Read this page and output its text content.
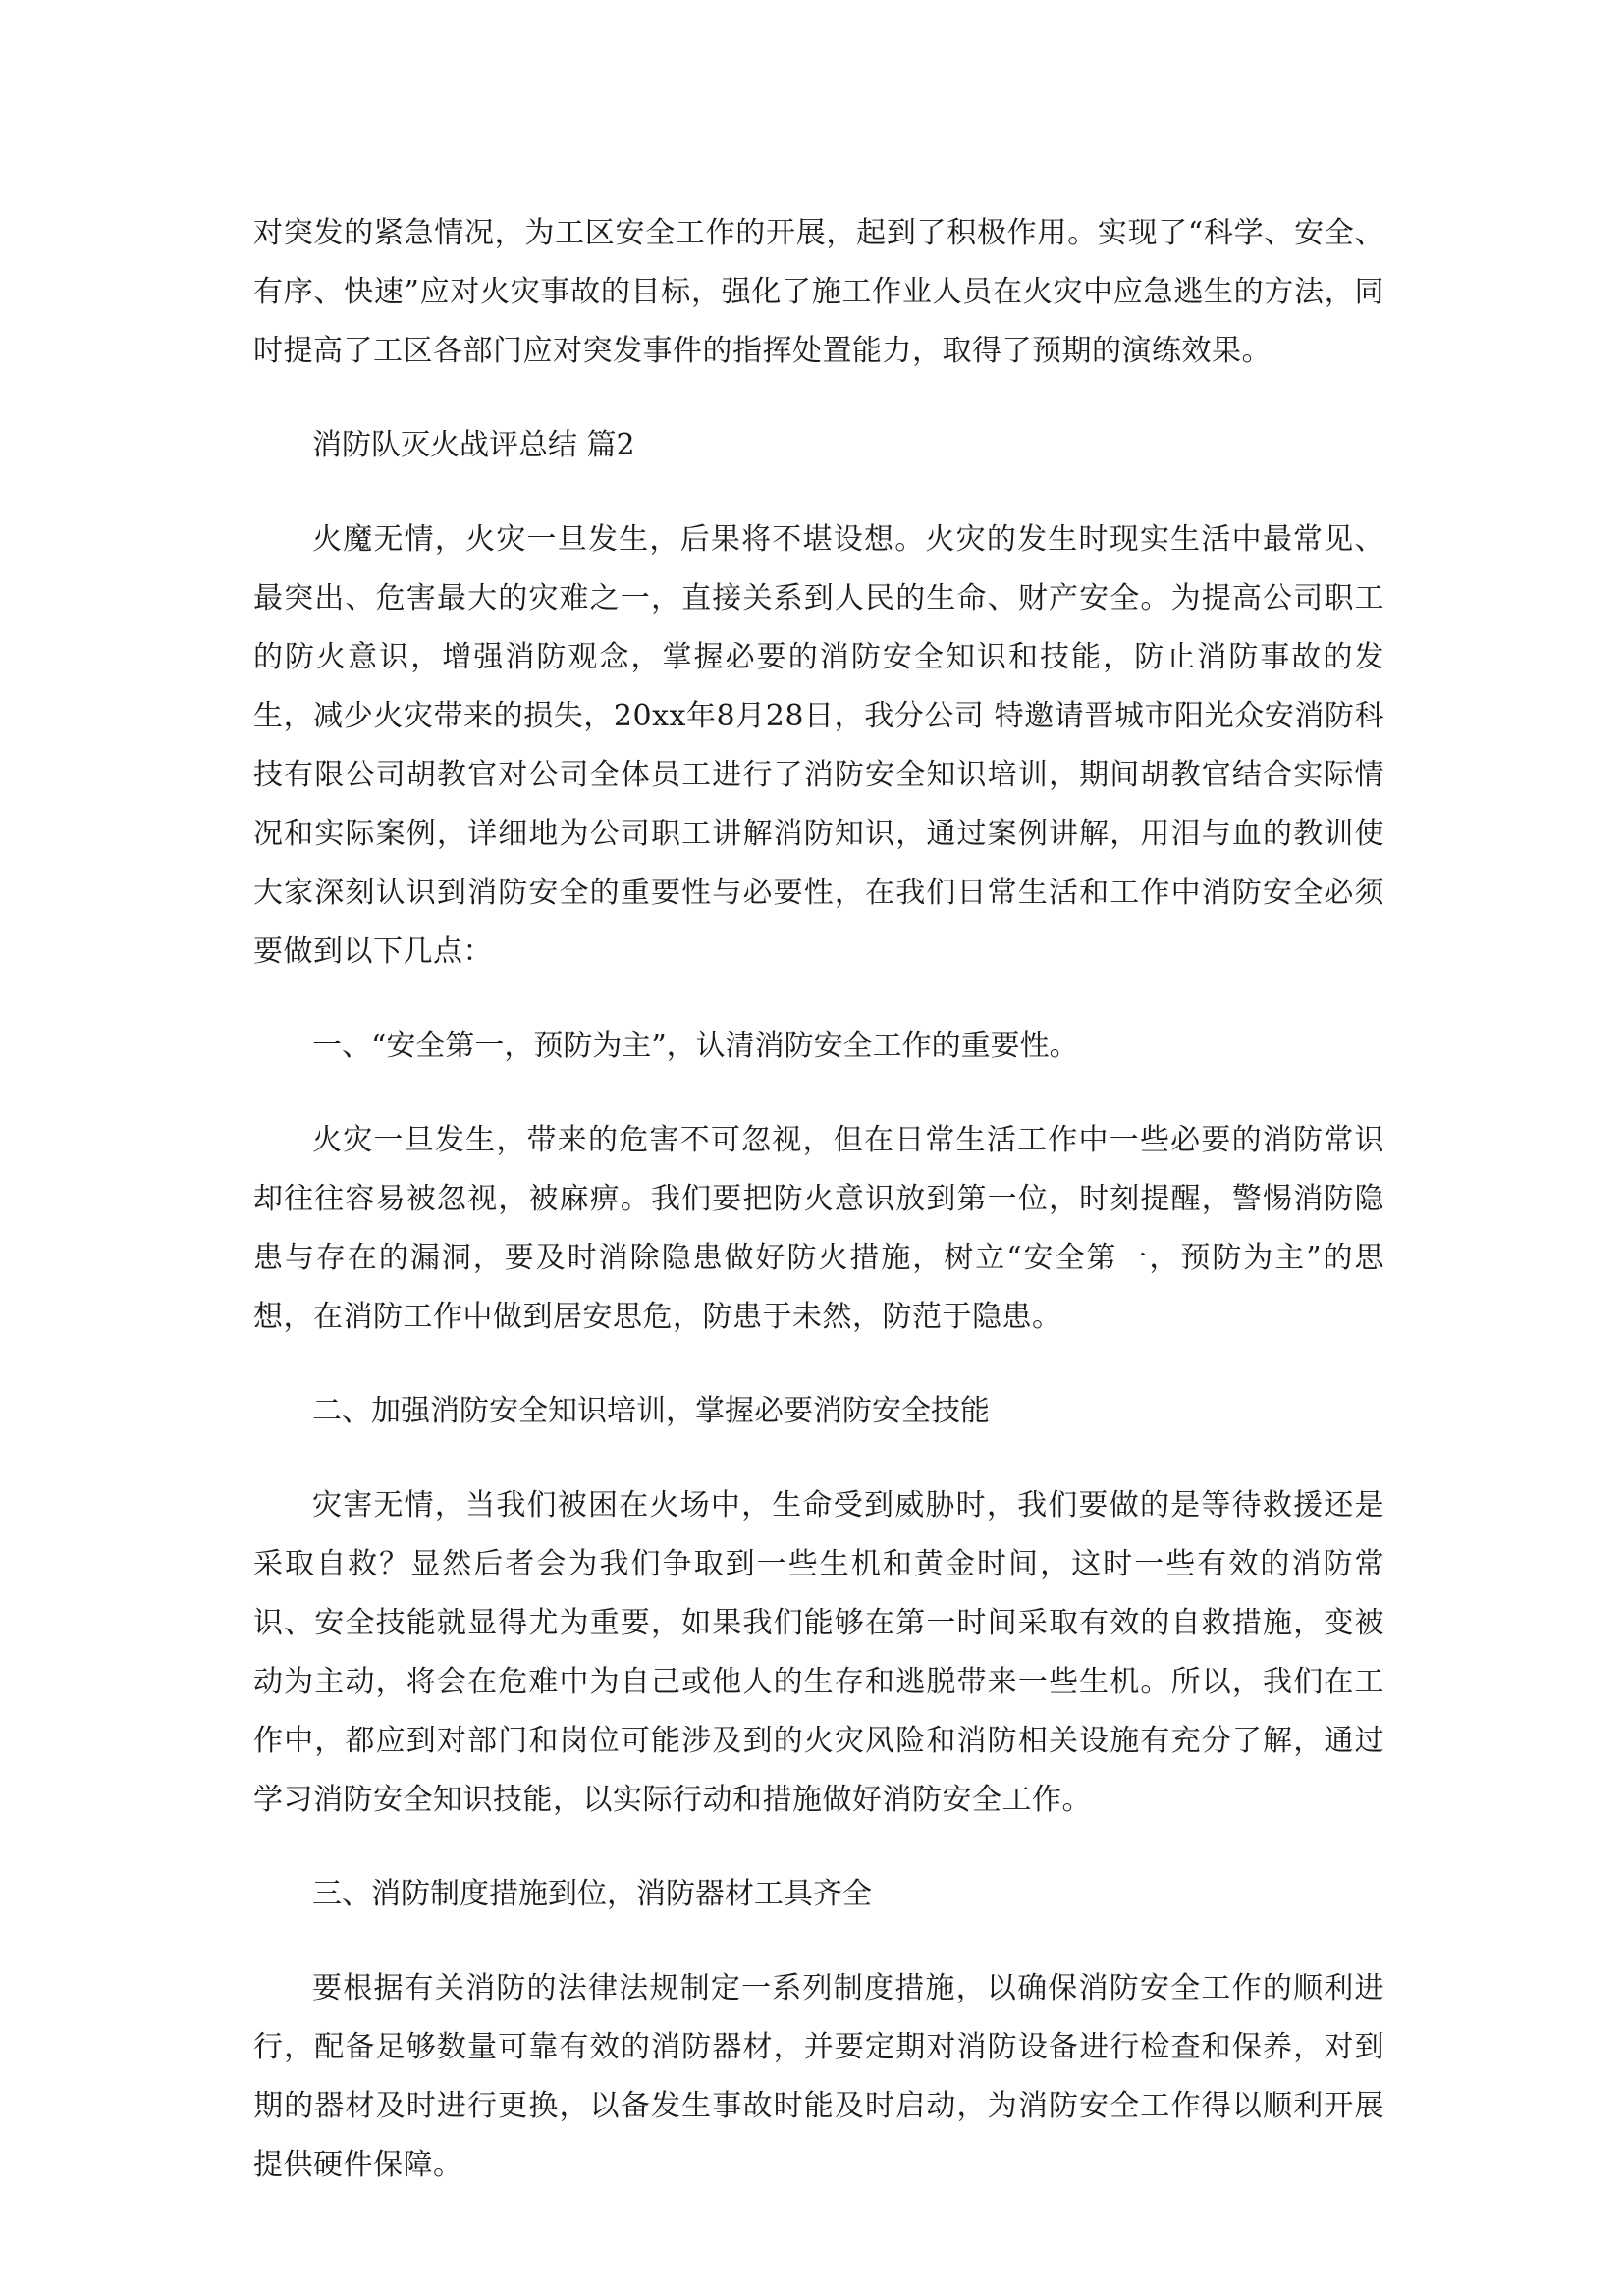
对突发的紧急情况，为工区安全工作的开展，起到了积极作用。实现了“科学、安全、有序、快速”应对火灾事故的目标，强化了施工作业人员在火灾中应急逃生的方法，同时提高了工区各部门应对突发事件的指挥处置能力，取得了预期的演练效果。

消防队灭火战评总结 篇2

火魔无情，火灾一旦发生，后果将不堪设想。火灾的发生时现实生活中最常见、最突出、危害最大的灾难之一，直接关系到人民的生命、财产安全。为提高公司职工的防火意识，增强消防观念，掌握必要的消防安全知识和技能，防止消防事故的发生，减少火灾带来的损失，20xx年8月28日，我分公司 特邀请晋城市阳光众安消防科技有限公司胡教官对公司全体员工进行了消防安全知识培训，期间胡教官结合实际情况和实际案例，详细地为公司职工讲解消防知识，通过案例讲解，用泪与血的教训使大家深刻认识到消防安全的重要性与必要性，在我们日常生活和工作中消防安全必须要做到以下几点：

一、“安全第一，预防为主”，认清消防安全工作的重要性。

火灾一旦发生，带来的危害不可忽视，但在日常生活工作中一些必要的消防常识却往往容易被忽视，被麻痹。我们要把防火意识放到第一位，时刻提醒，警惕消防隐患与存在的漏洞，要及时消除隐患做好防火措施，树立“安全第一，预防为主”的思想，在消防工作中做到居安思危，防患于未然，防范于隐患。

二、加强消防安全知识培训，掌握必要消防安全技能

灾害无情，当我们被困在火场中，生命受到威胁时，我们要做的是等待救援还是采取自救？显然后者会为我们争取到一些生机和黄金时间，这时一些有效的消防常识、安全技能就显得尤为重要，如果我们能够在第一时间采取有效的自救措施，变被动为主动，将会在危难中为自己或他人的生存和逃脱带来一些生机。所以，我们在工作中，都应到对部门和岗位可能涉及到的火灾风险和消防相关设施有充分了解，通过学习消防安全知识技能，以实际行动和措施做好消防安全工作。

三、消防制度措施到位，消防器材工具齐全

要根据有关消防的法律法规制定一系列制度措施，以确保消防安全工作的顺利进行，配备足够数量可靠有效的消防器材，并要定期对消防设备进行检查和保养，对到期的器材及时进行更换，以备发生事故时能及时启动，为消防安全工作得以顺利开展提供硬件保障。
